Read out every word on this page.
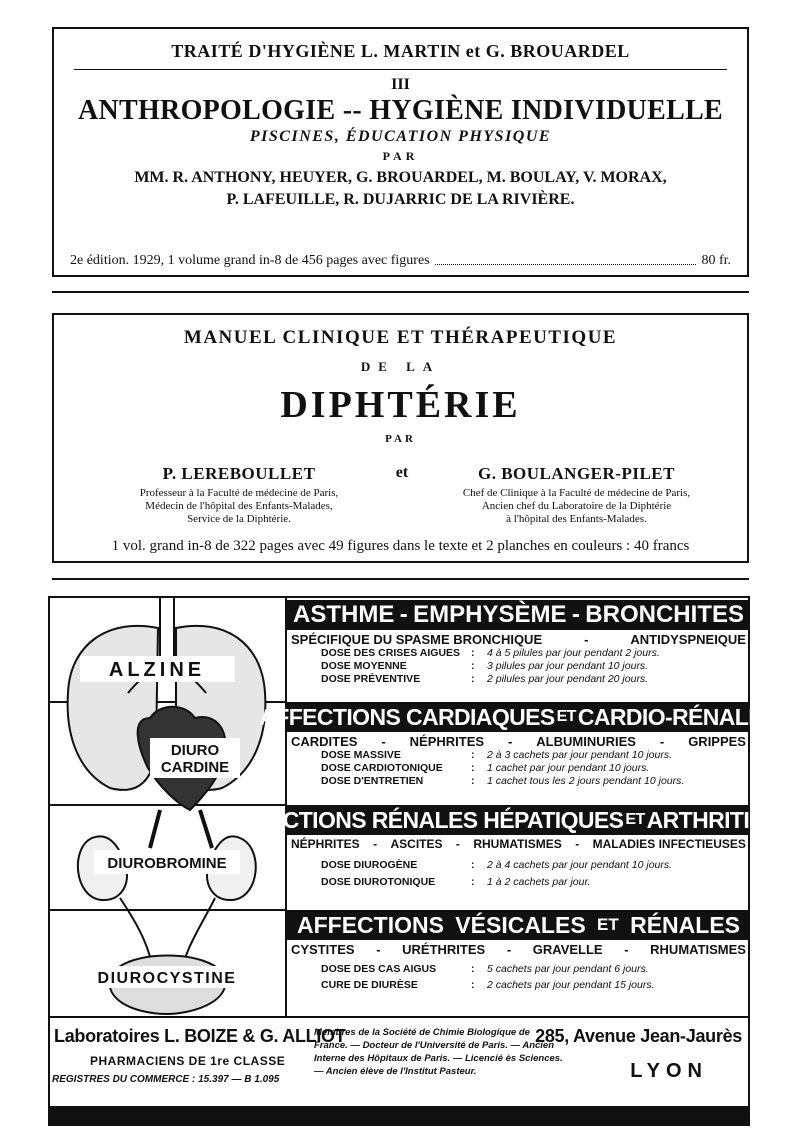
TRAITÉ D'HYGIÈNE L. MARTIN et G. BROUARDEL
III
ANTHROPOLOGIE -- HYGIÈNE INDIVIDUELLE
PISCINES, ÉDUCATION PHYSIQUE
PAR
MM. R. ANTHONY, HEUYER, G. BROUARDEL, M. BOULAY, V. MORAX,
P. LAFEUILLE, R. DUJARRIC DE LA RIVIÈRE.
2e édition. 1929, 1 volume grand in-8 de 456 pages avec figures	80 fr.
MANUEL CLINIQUE ET THÉRAPEUTIQUE
DE LA
DIPHTÉRIE
PAR
P. LEREBOULLET
Professeur à la Faculté de médecine de Paris,
Médecin de l'hôpital des Enfants-Malades,
Service de la Diphtérie.
et	G. BOULANGER-PILET
Chef de Clinique à la Faculté de médecine de Paris,
Ancien chef du Laboratoire de la Diphtérie
à l'hôpital des Enfants-Malades.
1 vol. grand in-8 de 322 pages avec 49 figures dans le texte et 2 planches en couleurs : 40 francs
ALZINE
DIURO
CARDINE
DIUROBROMINE
DIUROCYSTINE
ASTHME - EMPHYSÈME - BRONCHITES
SPÉCIFIQUE DU SPASME BRONCHIQUE	-	ANTIDYSPNEIQUE
DOSE DES CRISES AIGUES	:	4 à 5 pilules par jour pendant 2 jours.
DOSE MOYENNE	:	3 pilules par jour pendant 10 jours.
DOSE PRÉVENTIVE	:	2 pilules par jour pendant 20 jours.
AFFECTIONS CARDIAQUES ET CARDIO-RÉNALES
CARDITES - NÉPHRITES - ALBUMINURIES - GRIPPES
DOSE MASSIVE	:	2 à 3 cachets par jour pendant 10 jours.
DOSE CARDIOTONIQUE	:	1 cachet par jour pendant 10 jours.
DOSE D'ENTRETIEN	:	1 cachet tous les 2 jours pendant 10 jours.
AFFECTIONS RÉNALES HÉPATIQUES ET ARTHRITIQUES
NÉPHRITES - ASCITES - RHUMATISMES - MALADIES INFECTIEUSES
DOSE DIUROGÈNE	:	2 à 4 cachets par jour pendant 10 jours.
DOSE DIUROTONIQUE	:	1 à 2 cachets par jour.
AFFECTIONS VÉSICALES ET RÉNALES
CYSTITES - URÉTHRITES - GRAVELLE - RHUMATISMES
DOSE DES CAS AIGUS	:	5 cachets par jour pendant 6 jours.
CURE DE DIURÈSE	:	2 cachets par jour pendant 15 jours.
Laboratoires L. BOIZE & G. ALLIOT
PHARMACIENS DE 1re CLASSE
REGISTRES DU COMMERCE : 15.397 — B 1.095
Membres de la Société de Chimie Biologique de France. — Docteur de l'Université de Paris. — Ancien Interne des Hôpitaux de Paris. — Licencié ès Sciences. — Ancien élève de l'Institut Pasteur.
285, Avenue Jean-Jaurès
LYON
